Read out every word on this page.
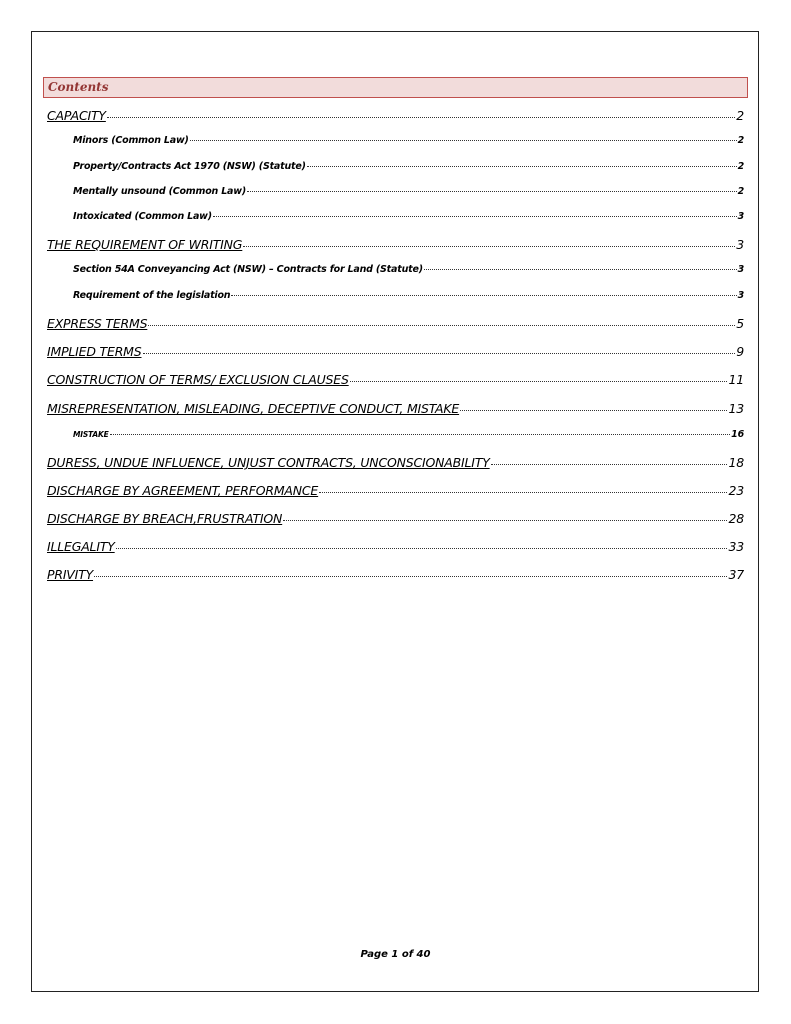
Contents
CAPACITY	2
Minors (Common Law)	2
Property/Contracts Act 1970 (NSW) (Statute)	2
Mentally unsound (Common Law)	2
Intoxicated (Common Law)	3
THE REQUIREMENT OF WRITING	3
Section 54A Conveyancing Act (NSW) – Contracts for Land (Statute)	3
Requirement of the legislation	3
EXPRESS TERMS	5
IMPLIED TERMS	9
CONSTRUCTION OF TERMS/ EXCLUSION CLAUSES	11
MISREPRESENTATION, MISLEADING, DECEPTIVE CONDUCT, MISTAKE	13
MISTAKE	16
DURESS, UNDUE INFLUENCE, UNJUST CONTRACTS, UNCONSCIONABILITY	18
DISCHARGE BY AGREEMENT, PERFORMANCE	23
DISCHARGE BY BREACH,FRUSTRATION	28
ILLEGALITY	33
PRIVITY	37
Page 1 of 40
